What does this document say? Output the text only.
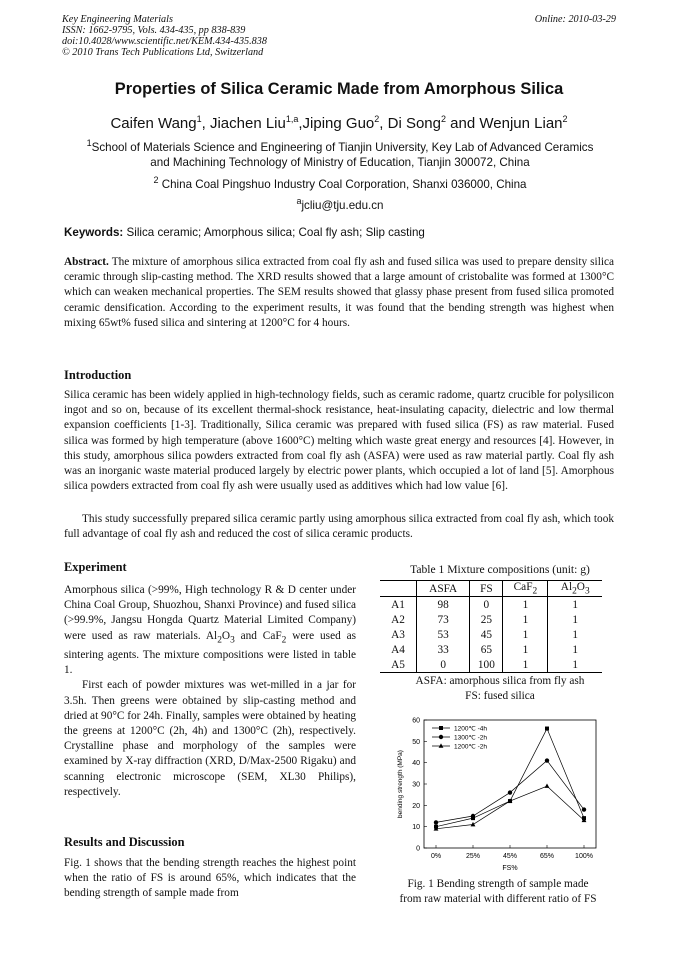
Key Engineering Materials
ISSN: 1662-9795, Vols. 434-435, pp 838-839
doi:10.4028/www.scientific.net/KEM.434-435.838
© 2010 Trans Tech Publications Ltd, Switzerland
Online: 2010-03-29
Properties of Silica Ceramic Made from Amorphous Silica
Caifen Wang$^1$, Jiachen Liu$^{1,a}$,Jiping Guo$^2$, Di Song$^2$ and Wenjun Lian$^2$
$^1$School of Materials Science and Engineering of Tianjin University, Key Lab of Advanced Ceramics
and Machining Technology of Ministry of Education, Tianjin 300072, China
$^2$ China Coal Pingshuo Industry Coal Corporation, Shanxi 036000, China
$^a$jcliu@tju.edu.cn
Keywords: Silica ceramic; Amorphous silica; Coal fly ash; Slip casting
Abstract. The mixture of amorphous silica extracted from coal fly ash and fused silica was used to prepare density silica ceramic through slip-casting method. The XRD results showed that a large amount of cristobalite was formed at 1300°C which can weaken mechanical properties. The SEM results showed that glassy phase present from fused silica promoted ceramic densification. According to the experiment results, it was found that the bending strength was highest when mixing 65wt% fused silica and sintering at 1200°C for 4 hours.
Introduction
Silica ceramic has been widely applied in high-technology fields, such as ceramic radome, quartz crucible for polysilicon ingot and so on, because of its excellent thermal-shock resistance, heat-insulating capacity, dielectric and low thermal expansion coefficients [1-3]. Traditionally, Silica ceramic was prepared with fused silica (FS) as raw material. Fused silica was formed by high temperature (above 1600°C) melting which waste great energy and resources [4]. However, in this study, amorphous silica powders extracted from coal fly ash (ASFA) were used as raw material partly. Coal fly ash was an inorganic waste material produced largely by electric power plants, which occupied a lot of land [5]. Amorphous silica powders extracted from coal fly ash were usually used as additives which had low value [6].
This study successfully prepared silica ceramic partly using amorphous silica extracted from coal fly ash, which took full advantage of coal fly ash and reduced the cost of silica ceramic products.
Experiment

Amorphous silica (>99%, High technology R & D center under China Coal Group, Shuozhou, Shanxi Province) and fused silica (>99.9%, Jangsu Hongda Quartz Material Limited Company) were used as raw materials. $Al_2O_3$ and CaF$_2$ were used as sintering agents. The mixture compositions were listed in table 1.

First each of powder mixtures was wet-milled in a jar for 3.5h. Then greens were obtained by slip-casting method and dried at 90°C for 24h. Finally, samples were obtained by heating the greens at 1200°C (2h, 4h) and 1300°C (2h), respectively. Crystalline phase and morphology of the samples were examined by X-ray diffraction (XRD, D/Max-2500 Rigaku) and scanning electronic microscope (SEM, XL30 Philips), respectively.

Results and Discussion
Fig. 1 shows that the bending strength reaches the highest point when the ratio of FS is around 65%, which indicates that the bending strength of sample made from
Table 1 Mixture compositions (unit: g)
	ASFA	FS	CaF$_2$	$Al_2O_3$
A1	98	0	1	1
A2	73	25	1	1
A3	53	45	1	1
A4	33	65	1	1
A5	0	100	1	1
ASFA: amorphous silica from fly ash
FS: fused silica
0
10
20
30
40
50
60
0%	25%	45%	65%	100%
FS%
bending strength (MPa)
1200℃ -4h
1300℃ -2h
1200℃ -2h
Fig. 1 Bending strength of sample made
from raw material with different ratio of FS
